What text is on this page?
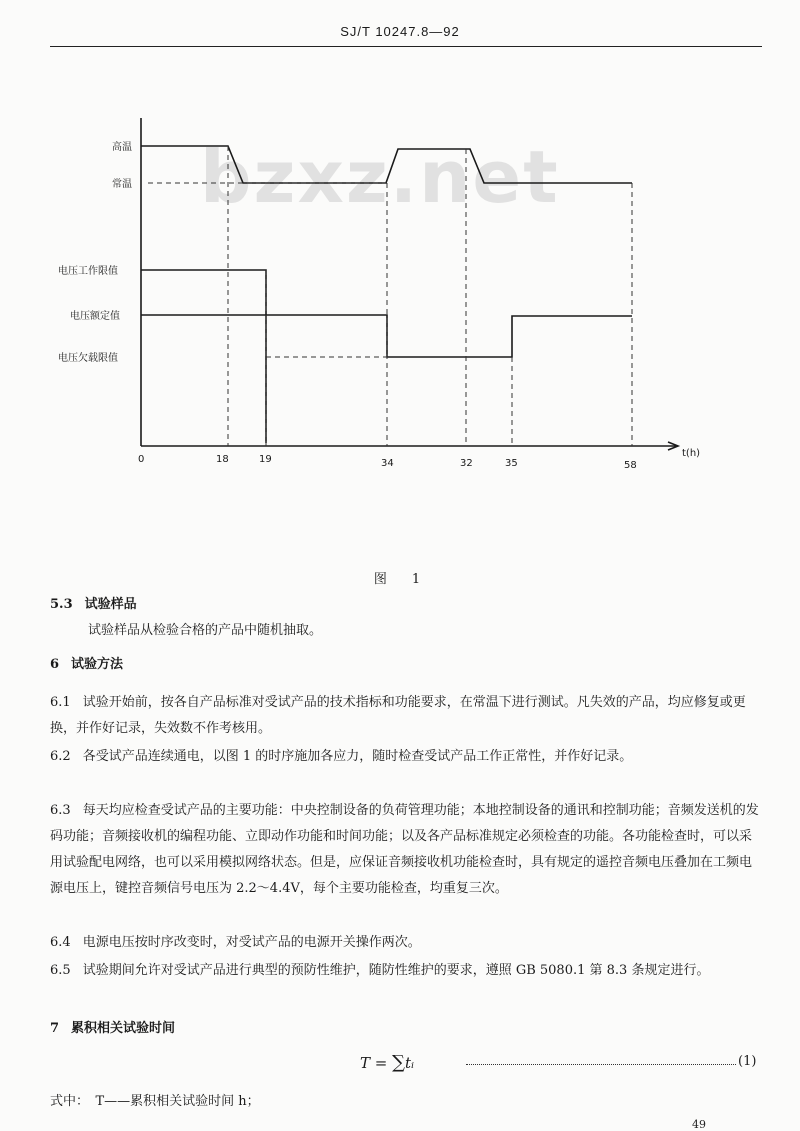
SJ/T 10247.8—92
bzxz.net
高温
常温
电压工作限值
电压额定值
电压欠载限值
0	18	19	34	32	35	58
t(h)
图　1
5.3 试验样品
试验样品从检验合格的产品中随机抽取。
6 试验方法
6.1 试验开始前，按各自产品标准对受试产品的技术指标和功能要求，在常温下进行测试。凡失效的产品，均应修复或更换，并作好记录，失效数不作考核用。
6.2 各受试产品连续通电，以图 1 的时序施加各应力，随时检查受试产品工作正常性，并作好记录。
6.3 每天均应检查受试产品的主要功能：中央控制设备的负荷管理功能；本地控制设备的通讯和控制功能；音频发送机的发码功能；音频接收机的编程功能、立即动作功能和时间功能；以及各产品标准规定必须检查的功能。各功能检查时，可以采用试验配电网络，也可以采用模拟网络状态。但是，应保证音频接收机功能检查时，具有规定的遥控音频电压叠加在工频电源电压上，键控音频信号电压为 2.2～4.4V，每个主要功能检查，均重复三次。
6.4 电源电压按时序改变时，对受试产品的电源开关操作两次。
6.5 试验期间允许对受试产品进行典型的预防性维护，随防性维护的要求，遵照 GB 5080.1 第 8.3 条规定进行。
7 累积相关试验时间
T = ∑tᵢ	(1)
式中：　T——累积相关试验时间 h；
49
